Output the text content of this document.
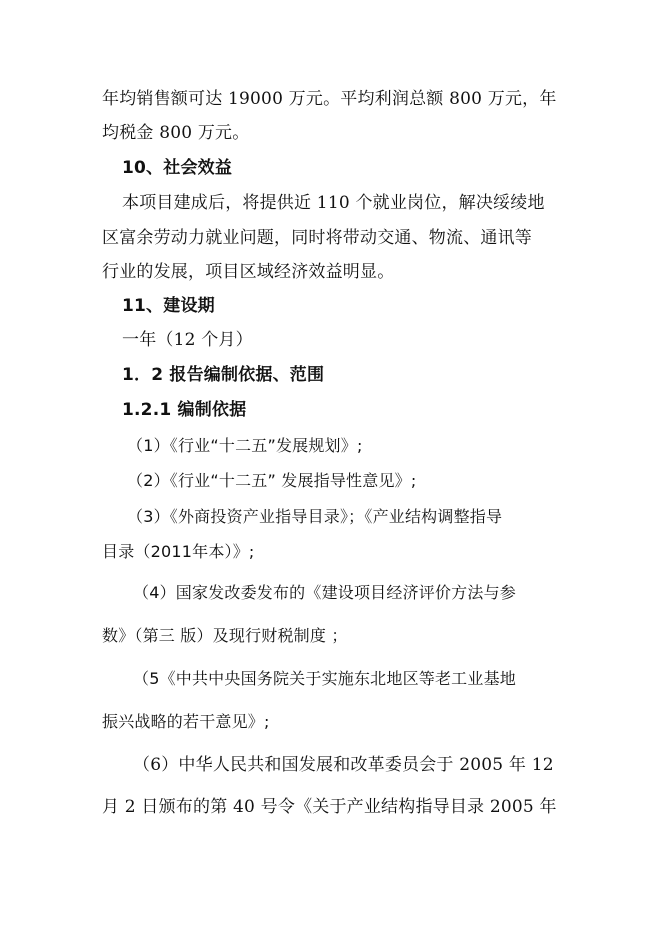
年均销售额可达 19000 万元。平均利润总额 800 万元，年
均税金 800 万元。
10、社会效益
本项目建成后，将提供近 110 个就业岗位，解决绥绫地
区富余劳动力就业问题，同时将带动交通、物流、通讯等
行业的发展，项目区域经济效益明显。
11、建设期
一年（12 个月）
1．2 报告编制依据、范围
1.2.1 编制依据
（1）《行业“十二五”发展规划》;
（2）《行业“十二五” 发展指导性意见》;
（3）《外商投资产业指导目录》；《产业结构调整指导
目录（2011年本）》;
（4）国家发改委发布的《建设项目经济评价方法与参
数》（第三 版）及现行财税制度 ；
（5《中共中央国务院关于实施东北地区等老工业基地
振兴战略的若干意见》;
（6）中华人民共和国发展和改革委员会于 2005 年 12
月 2 日颁布的第 40 号令《关于产业结构指导目录 2005 年
